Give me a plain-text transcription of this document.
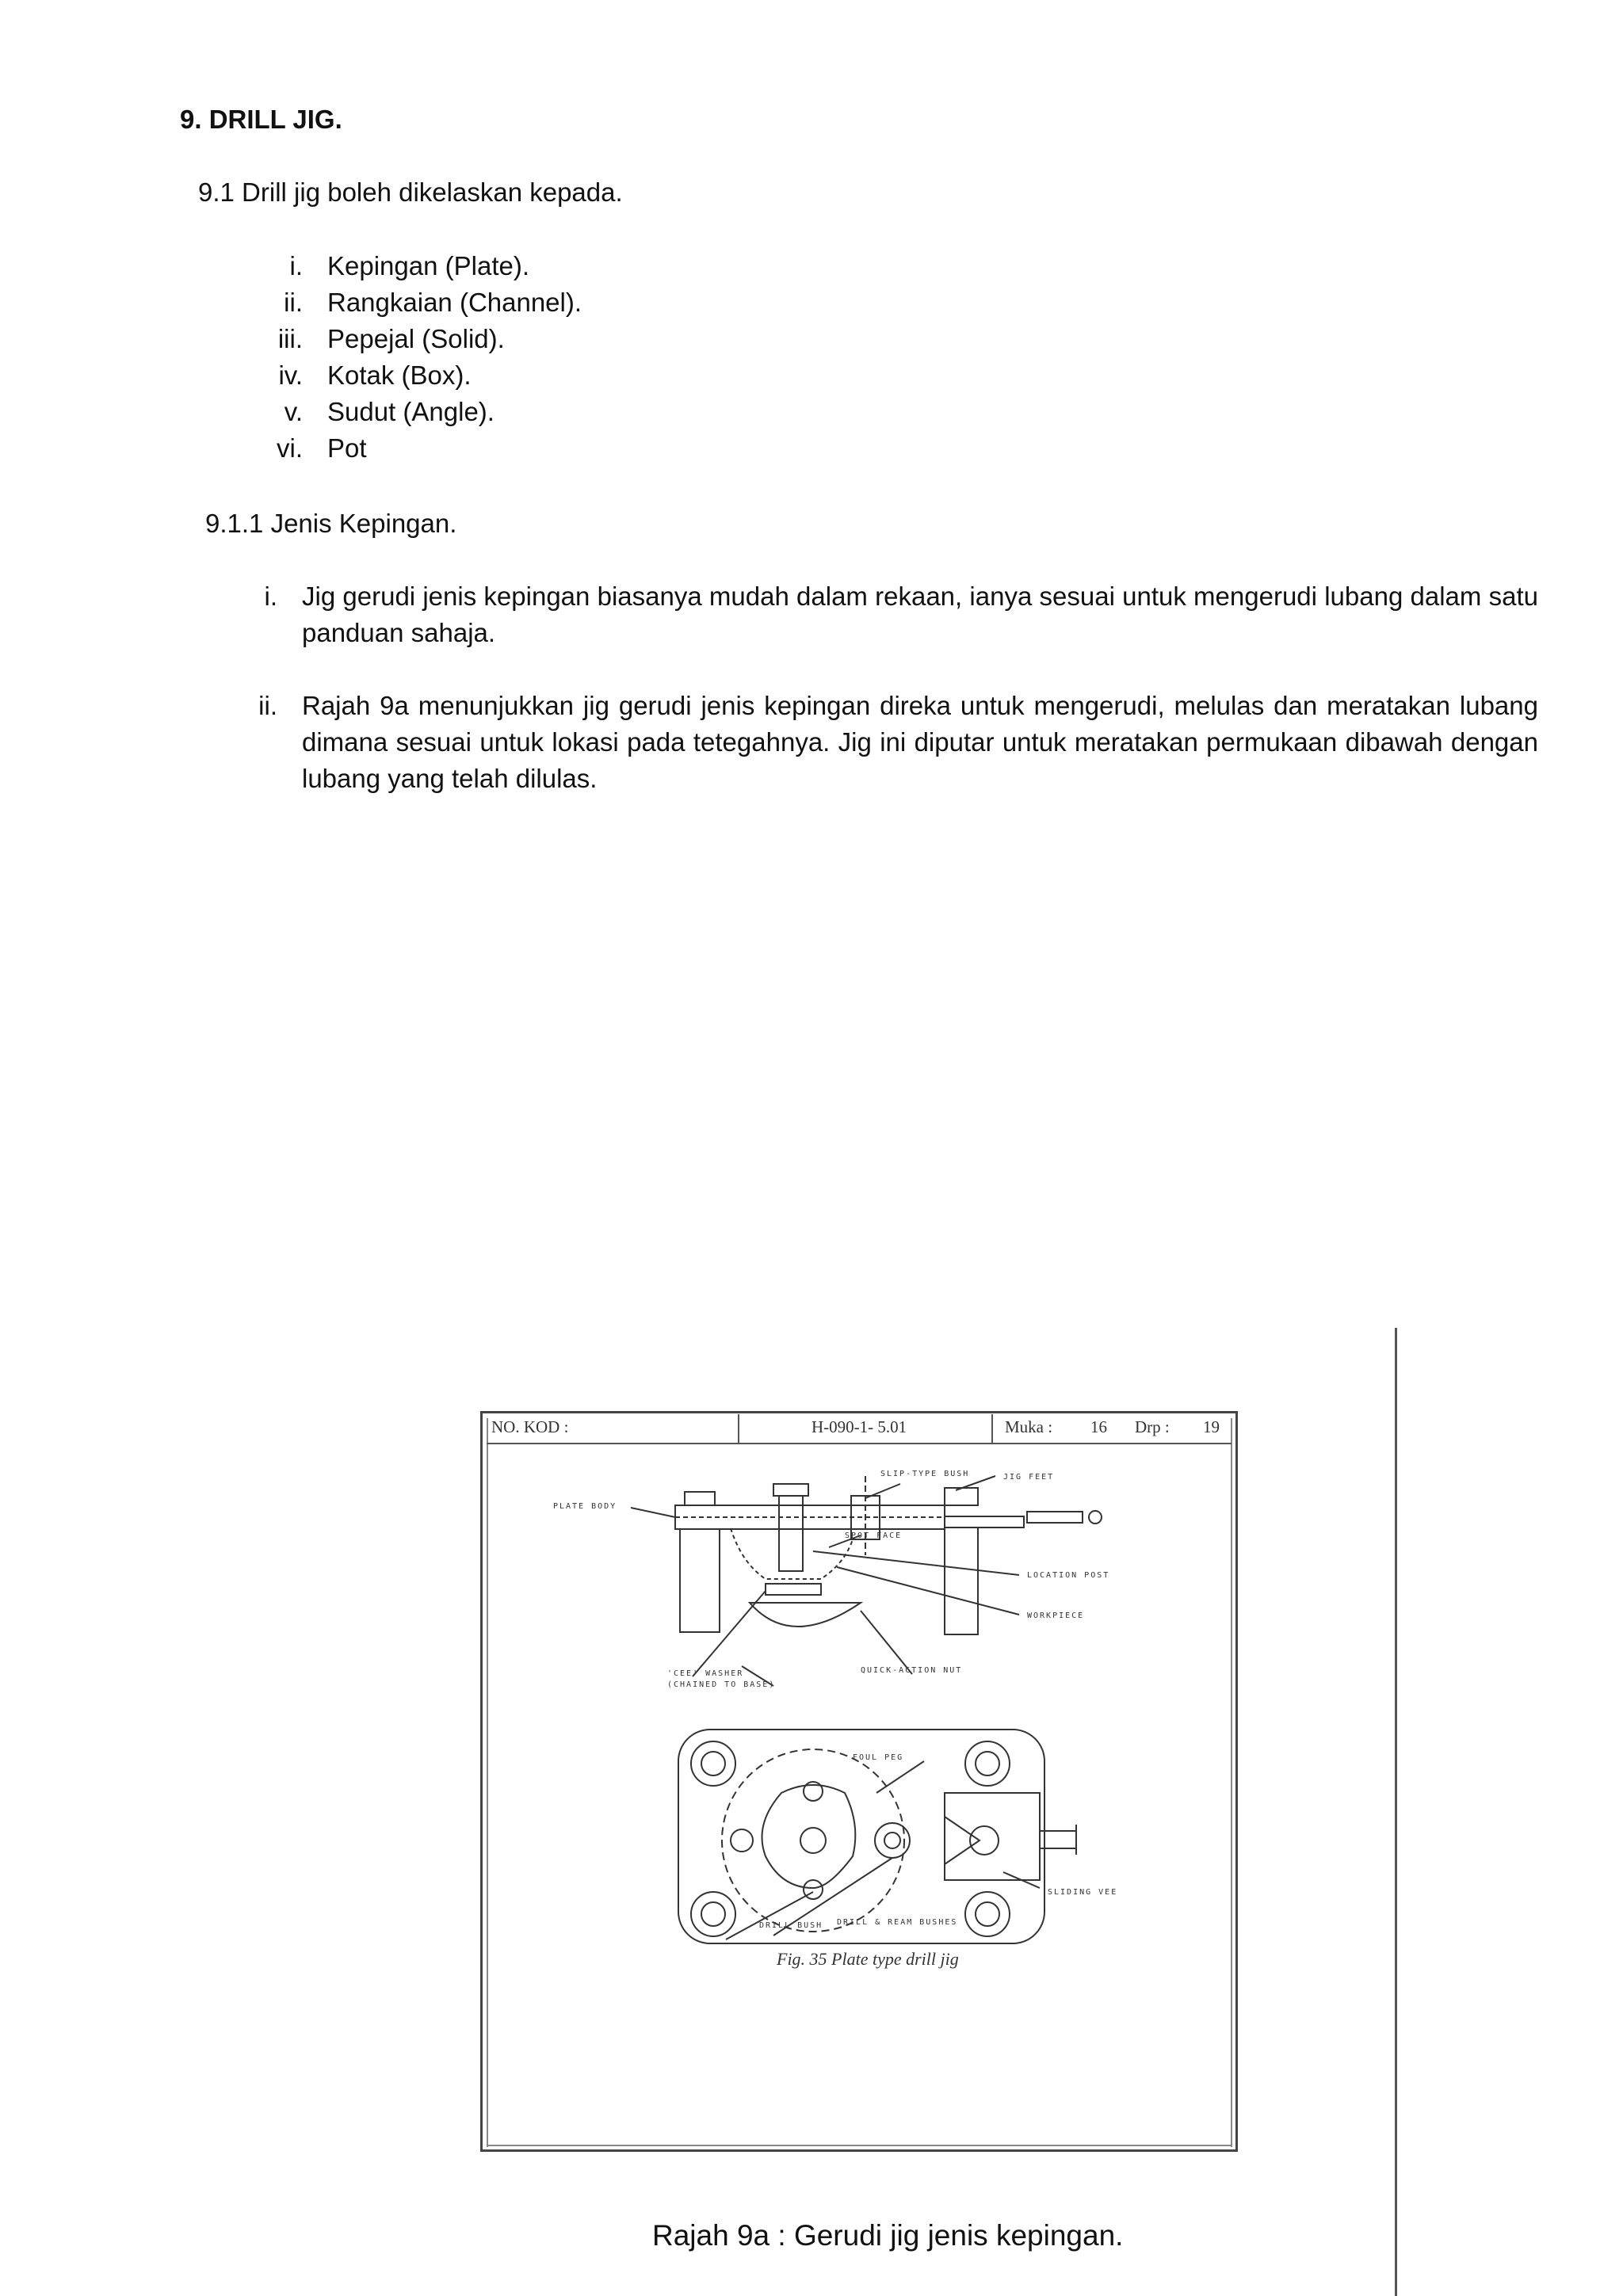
9. DRILL JIG.
9.1 Drill jig boleh dikelaskan kepada.
i. Kepingan (Plate).
ii. Rangkaian (Channel).
iii. Pepejal (Solid).
iv. Kotak (Box).
v. Sudut (Angle).
vi. Pot
9.1.1 Jenis Kepingan.
i. Jig gerudi jenis kepingan biasanya mudah dalam rekaan, ianya sesuai untuk mengerudi lubang dalam satu panduan sahaja.
ii. Rajah 9a menunjukkan jig gerudi jenis kepingan direka untuk mengerudi, melulas dan meratakan lubang dimana sesuai untuk lokasi pada tetegahnya. Jig ini diputar untuk meratakan permukaan dibawah dengan lubang yang telah dilulas.
NO. KOD :	H-090-1- 5.01	Muka : 16 Drp : 19
PLATE BODY
SLIP-TYPE BUSH	JIG FEET
SPOT FACE
LOCATION POST
WORKPIECE
'CEE' WASHER
(CHAINED TO BASE)
QUICK-ACTION NUT
FOUL PEG
SLIDING VEE
DRILL BUSH DRILL & REAM BUSHES
Fig. 35 Plate type drill jig
Rajah 9a : Gerudi jig jenis kepingan.
